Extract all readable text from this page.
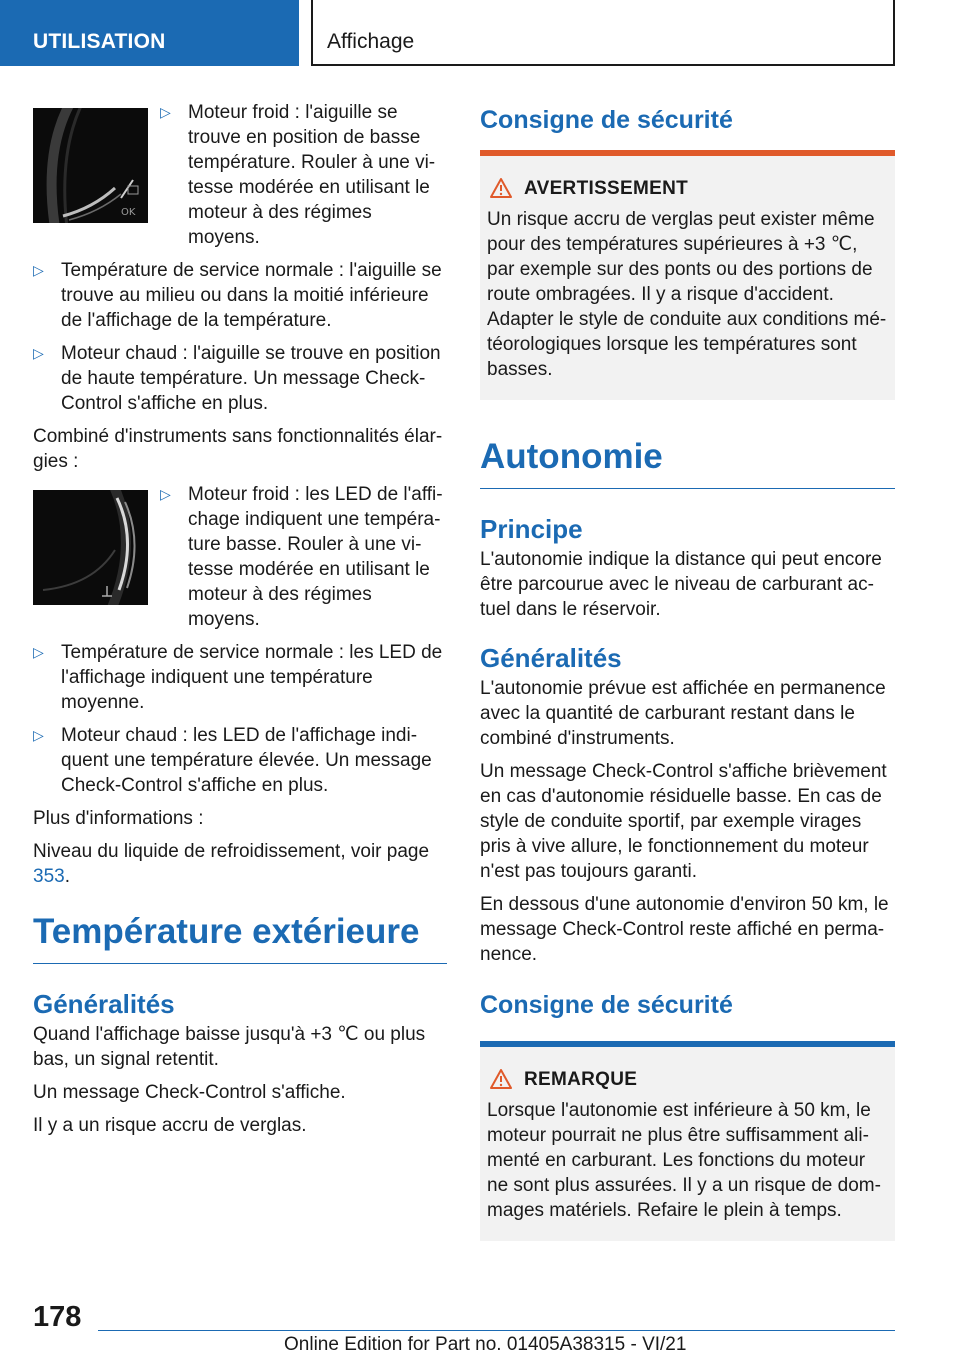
UTILISATION	Affichage
OK
▷ Moteur froid : l'aiguille se trouve en position de basse température. Rouler à une vitesse modérée en utilisant le moteur à des régimes moyens.
▷ Température de service normale : l'aiguille se trouve au milieu ou dans la moitié inférieure de l'affichage de la température.
▷ Moteur chaud : l'aiguille se trouve en position de haute température. Un message Check-Control s'affiche en plus.

Combiné d'instruments sans fonctionnalités élargies :

▷ Moteur froid : les LED de l'affichage indiquent une température basse. Rouler à une vitesse modérée en utilisant le moteur à des régimes moyens.
▷ Température de service normale : les LED de l'affichage indiquent une température moyenne.
▷ Moteur chaud : les LED de l'affichage indiquent une température élevée. Un message Check-Control s'affiche en plus.

Plus d'informations :

Niveau du liquide de refroidissement, voir page 353.

Température extérieure
Généralités

Quand l'affichage baisse jusqu'à +3 ℃ ou plus bas, un signal retentit.

Un message Check-Control s'affiche.

Il y a un risque accru de verglas.

Consigne de sécurité
AVERTISSEMENT

Un risque accru de verglas peut exister même pour des températures supérieures à +3 ℃, par exemple sur des ponts ou des portions de route ombragées. Il y a risque d'accident. Adapter le style de conduite aux conditions météorologiques lorsque les températures sont basses.

Autonomie
Principe

L'autonomie indique la distance qui peut encore être parcourue avec le niveau de carburant actuel dans le réservoir.

Généralités

L'autonomie prévue est affichée en permanence avec la quantité de carburant restant dans le combiné d'instruments.

Un message Check-Control s'affiche brièvement en cas d'autonomie résiduelle basse. En cas de style de conduite sportif, par exemple virages pris à vive allure, le fonctionnement du moteur n'est pas toujours garanti.

En dessous d'une autonomie d'environ 50 km, le message Check-Control reste affiché en permanence.

Consigne de sécurité
REMARQUE

Lorsque l'autonomie est inférieure à 50 km, le moteur pourrait ne plus être suffisamment alimenté en carburant. Les fonctions du moteur ne sont plus assurées. Il y a un risque de dommages matériels. Refaire le plein à temps.

178
Online Edition for Part no. 01405A38315 - VI/21
